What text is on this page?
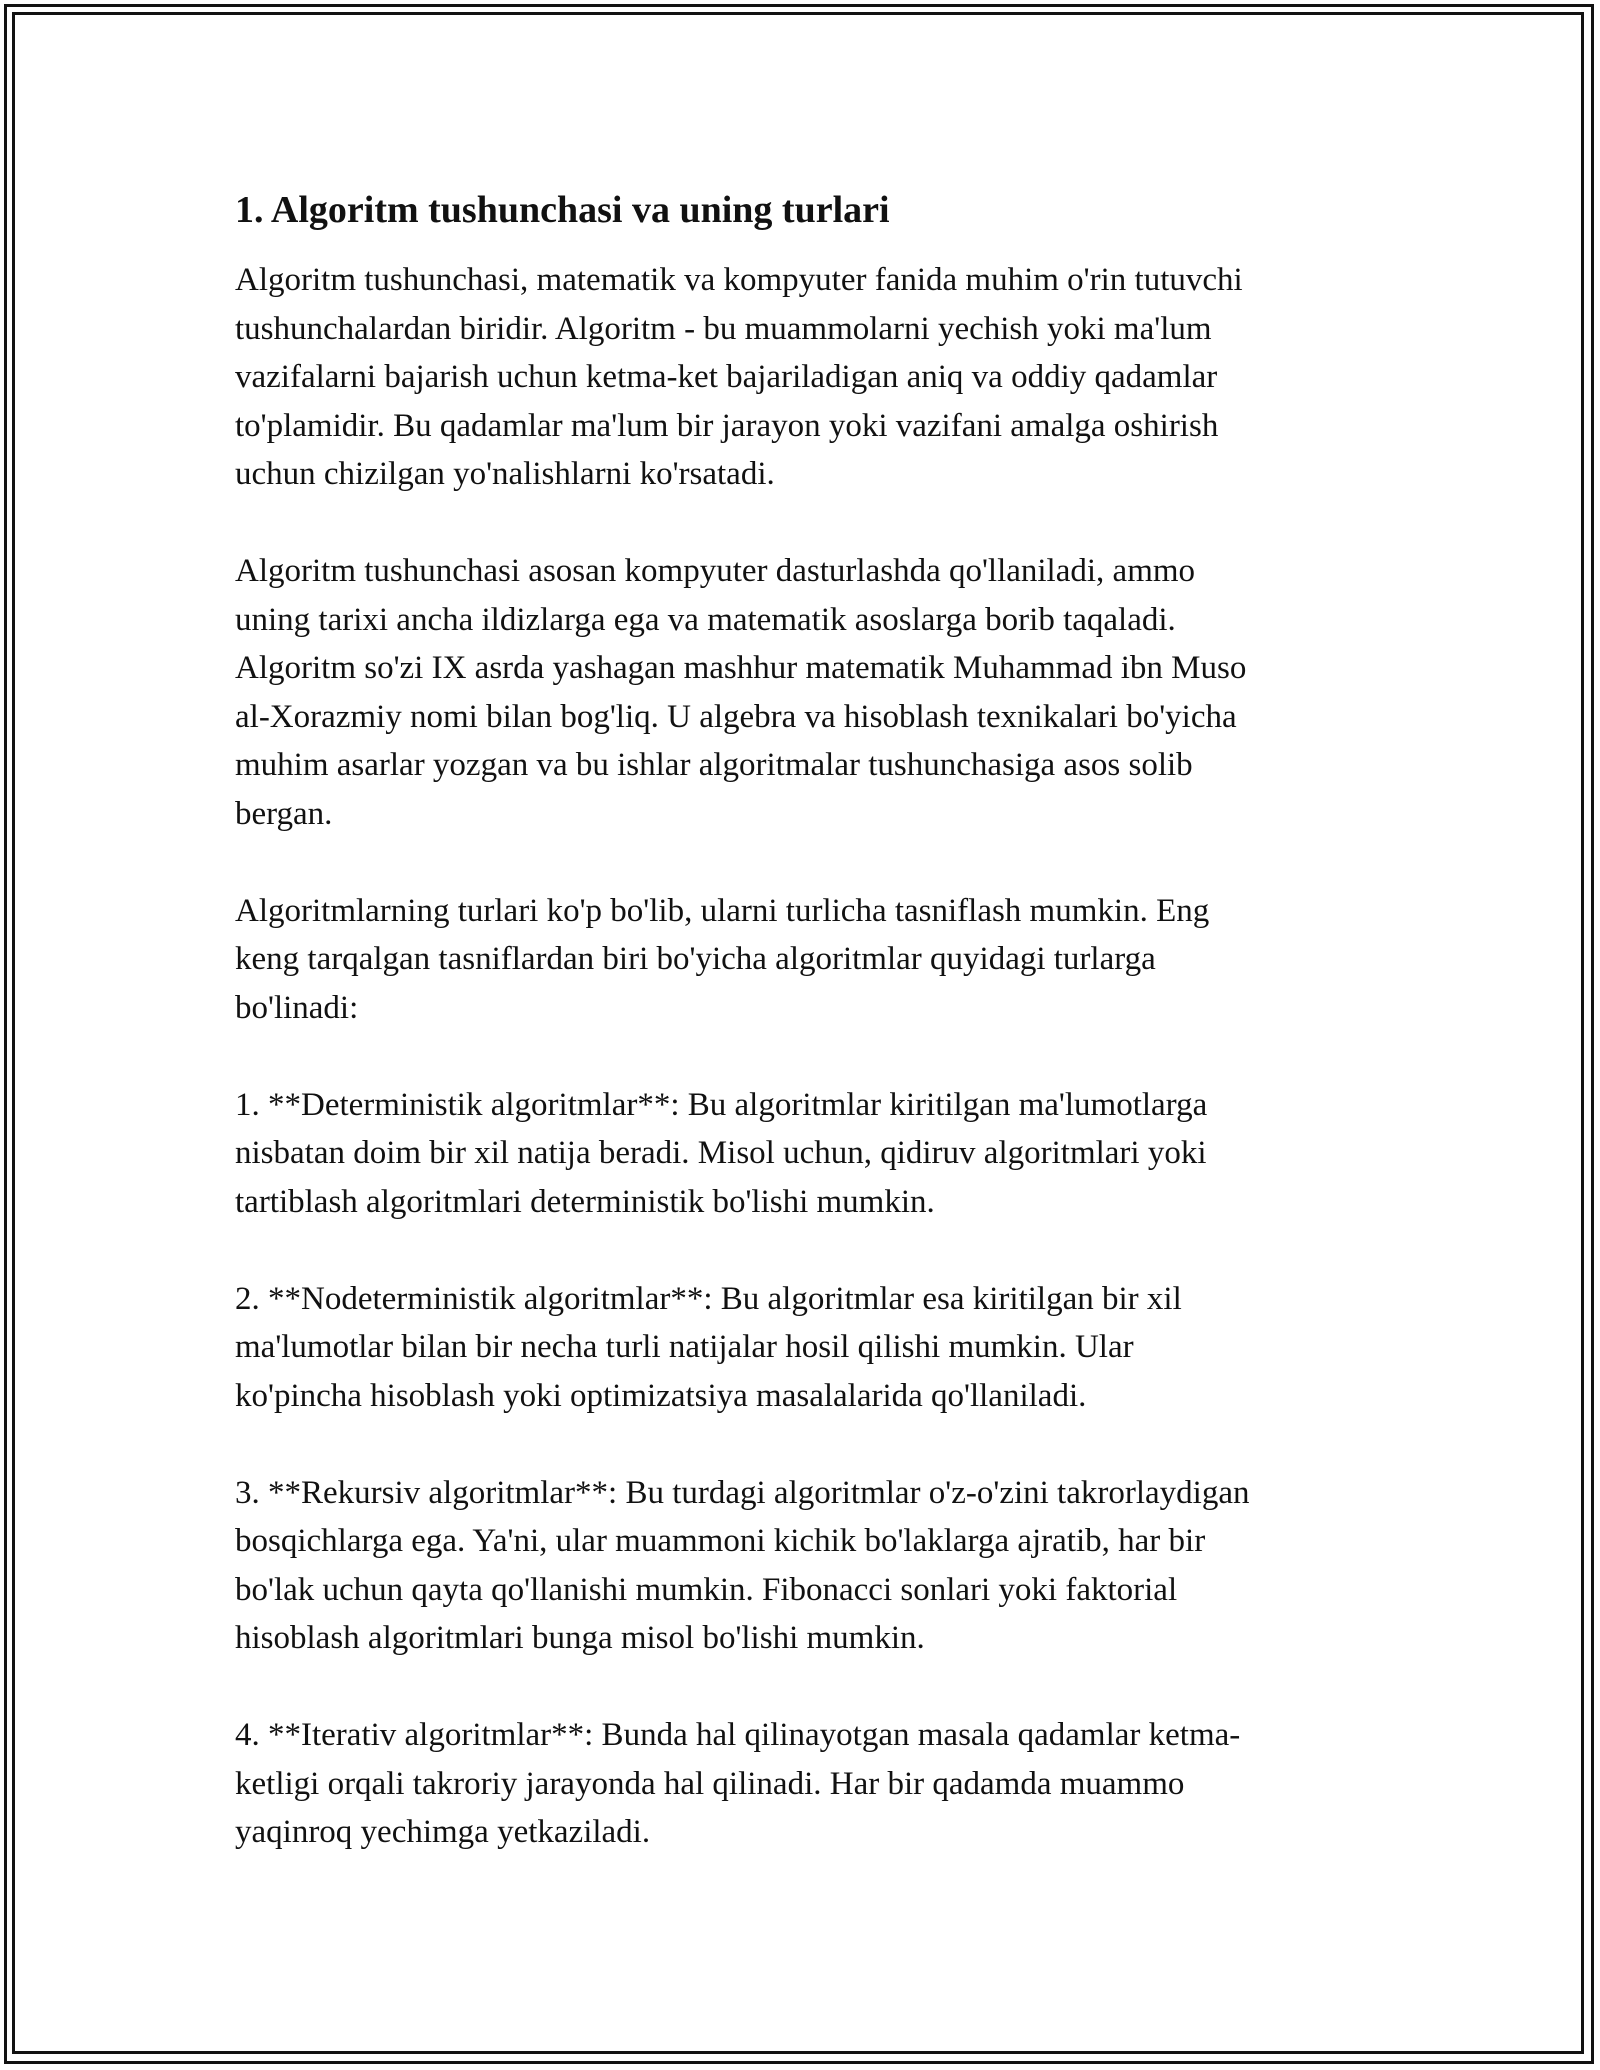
1. Algoritm tushunchasi va uning turlari
Algoritm tushunchasi, matematik va kompyuter fanida muhim o'rin tutuvchi
tushunchalardan biridir. Algoritm - bu muammolarni yechish yoki ma'lum
vazifalarni bajarish uchun ketma-ket bajariladigan aniq va oddiy qadamlar
to'plamidir. Bu qadamlar ma'lum bir jarayon yoki vazifani amalga oshirish
uchun chizilgan yo'nalishlarni ko'rsatadi.
Algoritm tushunchasi asosan kompyuter dasturlashda qo'llaniladi, ammo
uning tarixi ancha ildizlarga ega va matematik asoslarga borib taqaladi.
Algoritm so'zi IX asrda yashagan mashhur matematik Muhammad ibn Muso
al-Xorazmiy nomi bilan bog'liq. U algebra va hisoblash texnikalari bo'yicha
muhim asarlar yozgan va bu ishlar algoritmalar tushunchasiga asos solib
bergan.
Algoritmlarning turlari ko'p bo'lib, ularni turlicha tasniflash mumkin. Eng
keng tarqalgan tasniflardan biri bo'yicha algoritmlar quyidagi turlarga
bo'linadi:
1. **Deterministik algoritmlar**: Bu algoritmlar kiritilgan ma'lumotlarga
nisbatan doim bir xil natija beradi. Misol uchun, qidiruv algoritmlari yoki
tartiblash algoritmlari deterministik bo'lishi mumkin.
2. **Nodeterministik algoritmlar**: Bu algoritmlar esa kiritilgan bir xil
ma'lumotlar bilan bir necha turli natijalar hosil qilishi mumkin. Ular
ko'pincha hisoblash yoki optimizatsiya masalalarida qo'llaniladi.
3. **Rekursiv algoritmlar**: Bu turdagi algoritmlar o'z-o'zini takrorlaydigan
bosqichlarga ega. Ya'ni, ular muammoni kichik bo'laklarga ajratib, har bir
bo'lak uchun qayta qo'llanishi mumkin. Fibonacci sonlari yoki faktorial
hisoblash algoritmlari bunga misol bo'lishi mumkin.
4. **Iterativ algoritmlar**: Bunda hal qilinayotgan masala qadamlar ketma-
ketligi orqali takroriy jarayonda hal qilinadi. Har bir qadamda muammo
yaqinroq yechimga yetkaziladi.
